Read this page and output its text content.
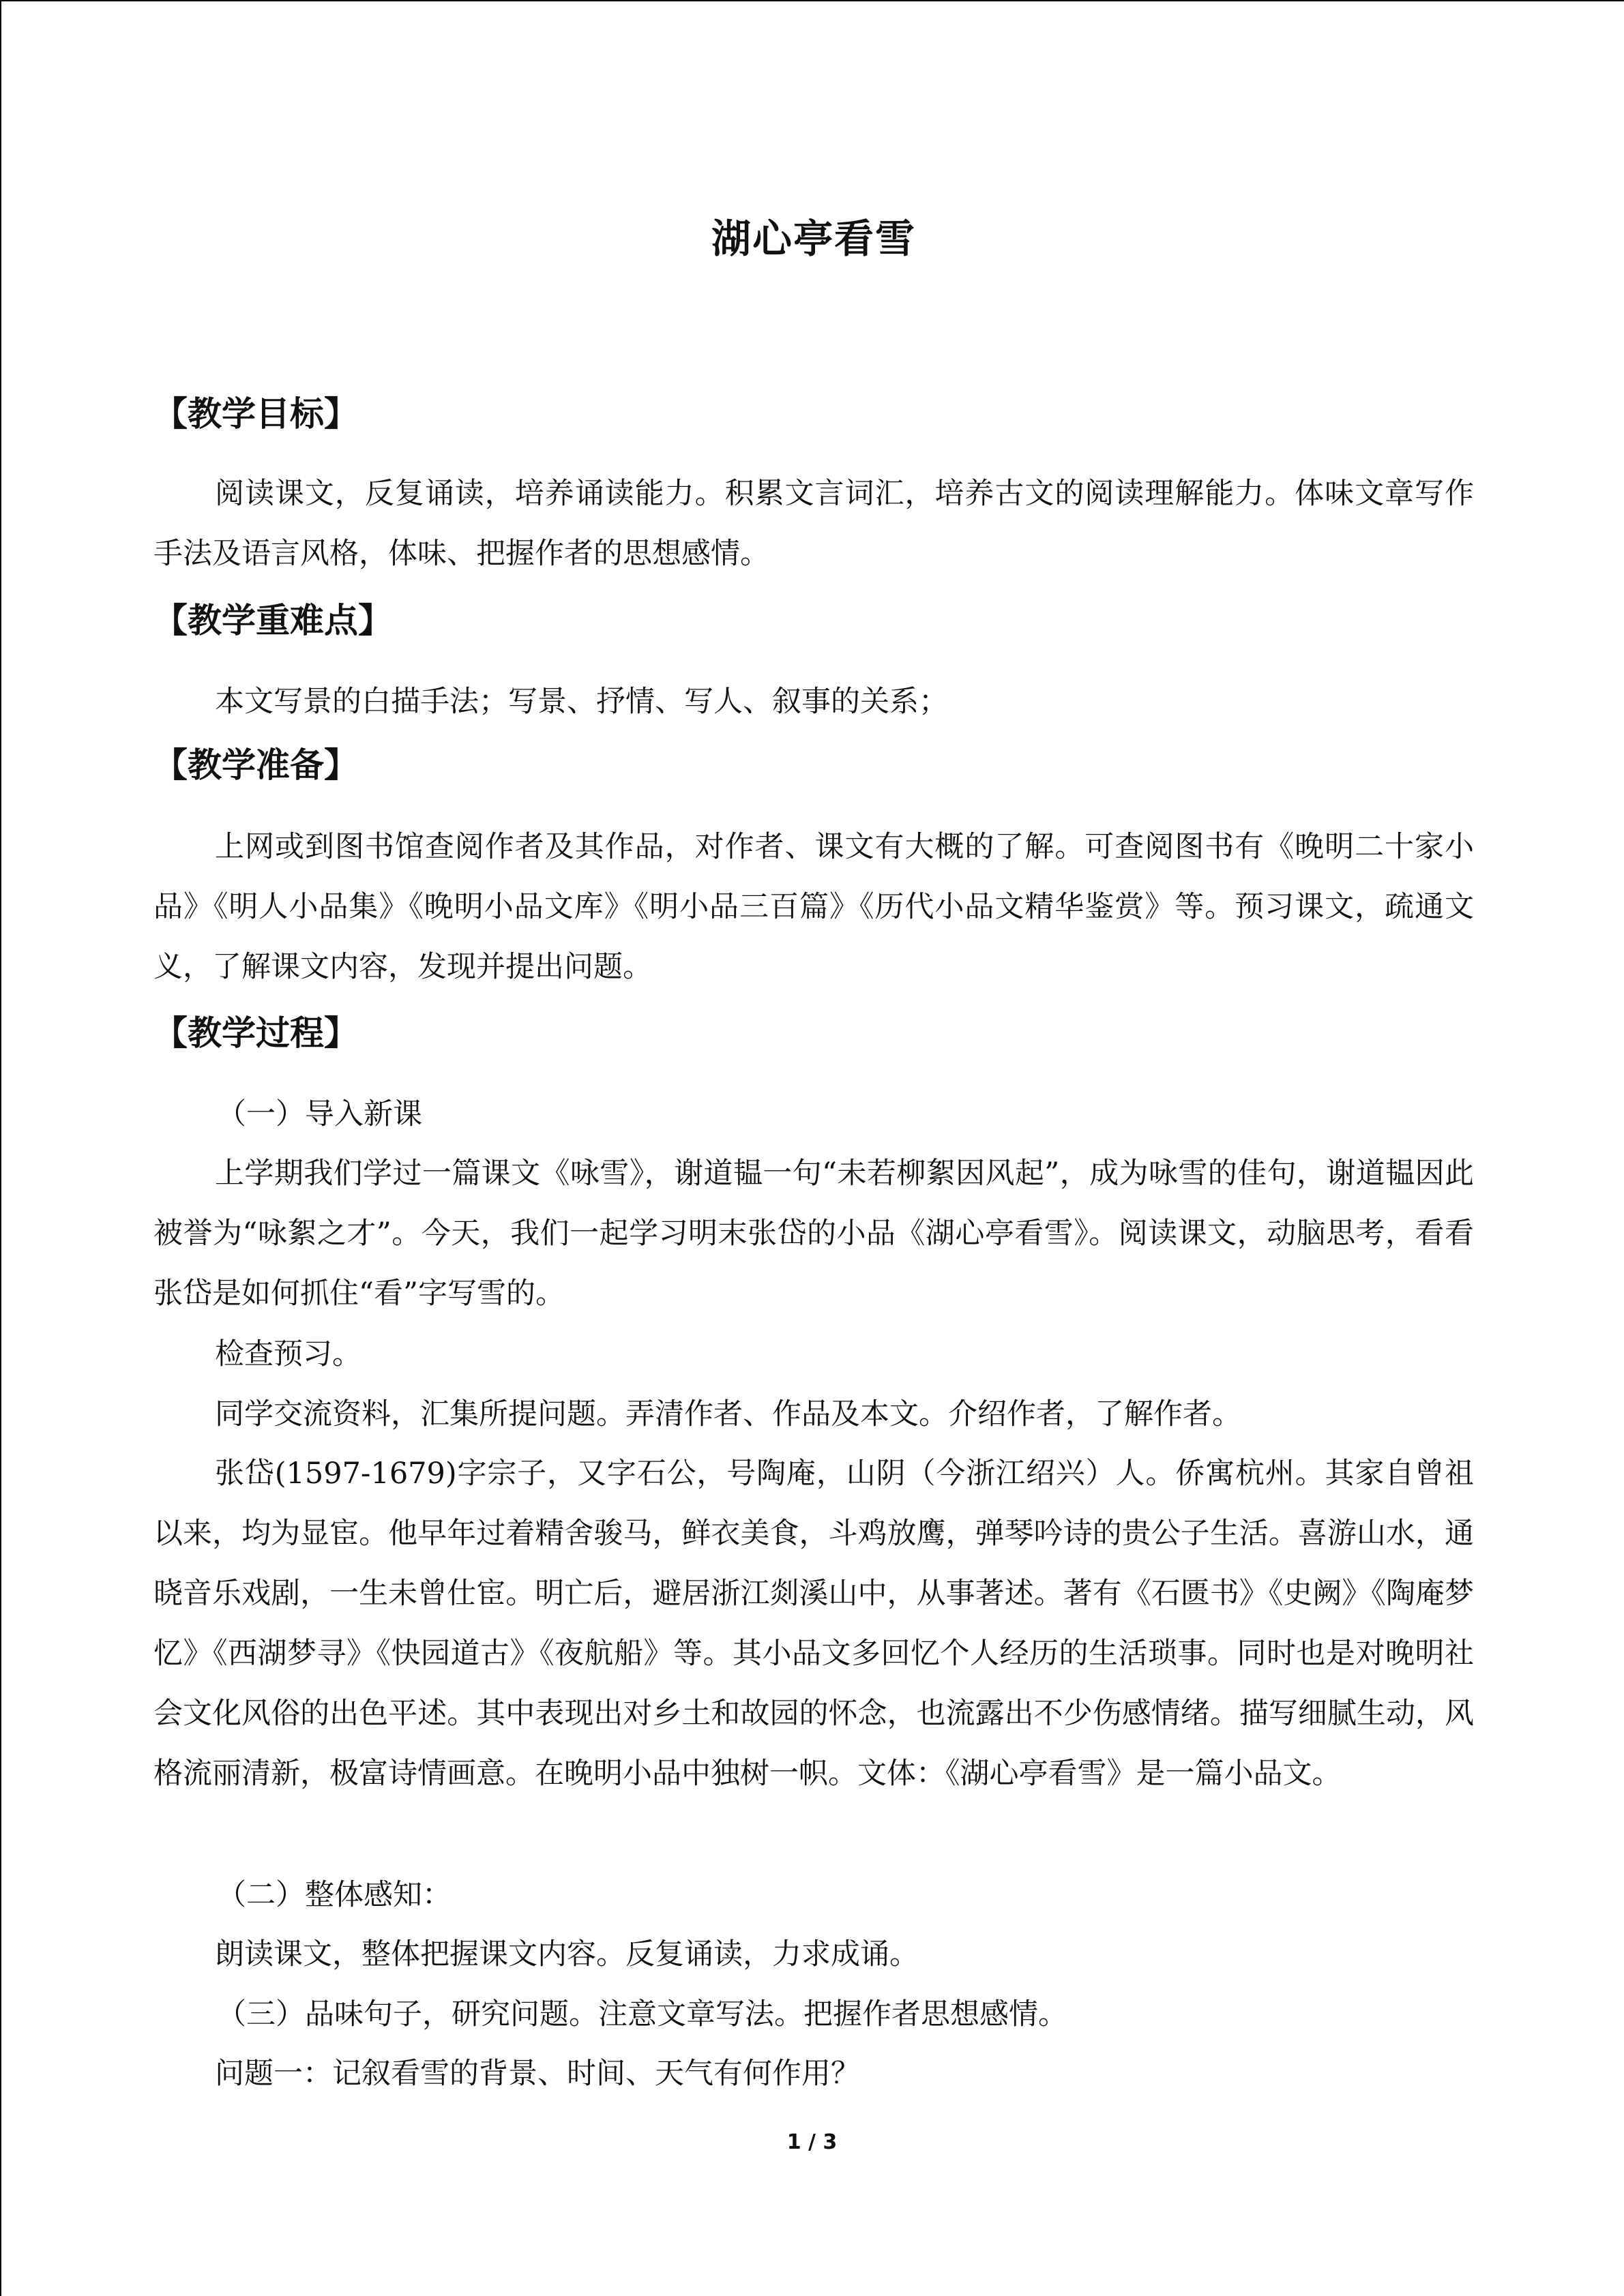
湖心亭看雪
【教学目标】

阅读课文，反复诵读，培养诵读能力。积累文言词汇，培养古文的阅读理解能力。体味文章写作手法及语言风格，体味、把握作者的思想感情。

【教学重难点】

本文写景的白描手法；写景、抒情、写人、叙事的关系；

【教学准备】

上网或到图书馆查阅作者及其作品，对作者、课文有大概的了解。可查阅图书有《晚明二十家小品》《明人小品集》《晚明小品文库》《明小品三百篇》《历代小品文精华鉴赏》等。预习课文，疏通文义，了解课文内容，发现并提出问题。

【教学过程】

（一）导入新课

上学期我们学过一篇课文《咏雪》，谢道韫一句“未若柳絮因风起”，成为咏雪的佳句，谢道韫因此被誉为“咏絮之才”。今天，我们一起学习明末张岱的小品《湖心亭看雪》。阅读课文，动脑思考，看看张岱是如何抓住“看”字写雪的。

检查预习。

同学交流资料，汇集所提问题。弄清作者、作品及本文。介绍作者，了解作者。

张岱(1597-1679)字宗子，又字石公，号陶庵，山阴（今浙江绍兴）人。侨寓杭州。其家自曾祖以来，均为显宦。他早年过着精舍骏马，鲜衣美食，斗鸡放鹰，弹琴吟诗的贵公子生活。喜游山水，通晓音乐戏剧，一生未曾仕宦。明亡后，避居浙江剡溪山中，从事著述。著有《石匮书》《史阙》《陶庵梦忆》《西湖梦寻》《快园道古》《夜航船》等。其小品文多回忆个人经历的生活琐事。同时也是对晚明社会文化风俗的出色平述。其中表现出对乡土和故园的怀念，也流露出不少伤感情绪。描写细腻生动，风格流丽清新，极富诗情画意。在晚明小品中独树一帜。文体：《湖心亭看雪》是一篇小品文。

（二）整体感知：

朗读课文，整体把握课文内容。反复诵读，力求成诵。

（三）品味句子，研究问题。注意文章写法。把握作者思想感情。

问题一：记叙看雪的背景、时间、天气有何作用？

1 / 3
